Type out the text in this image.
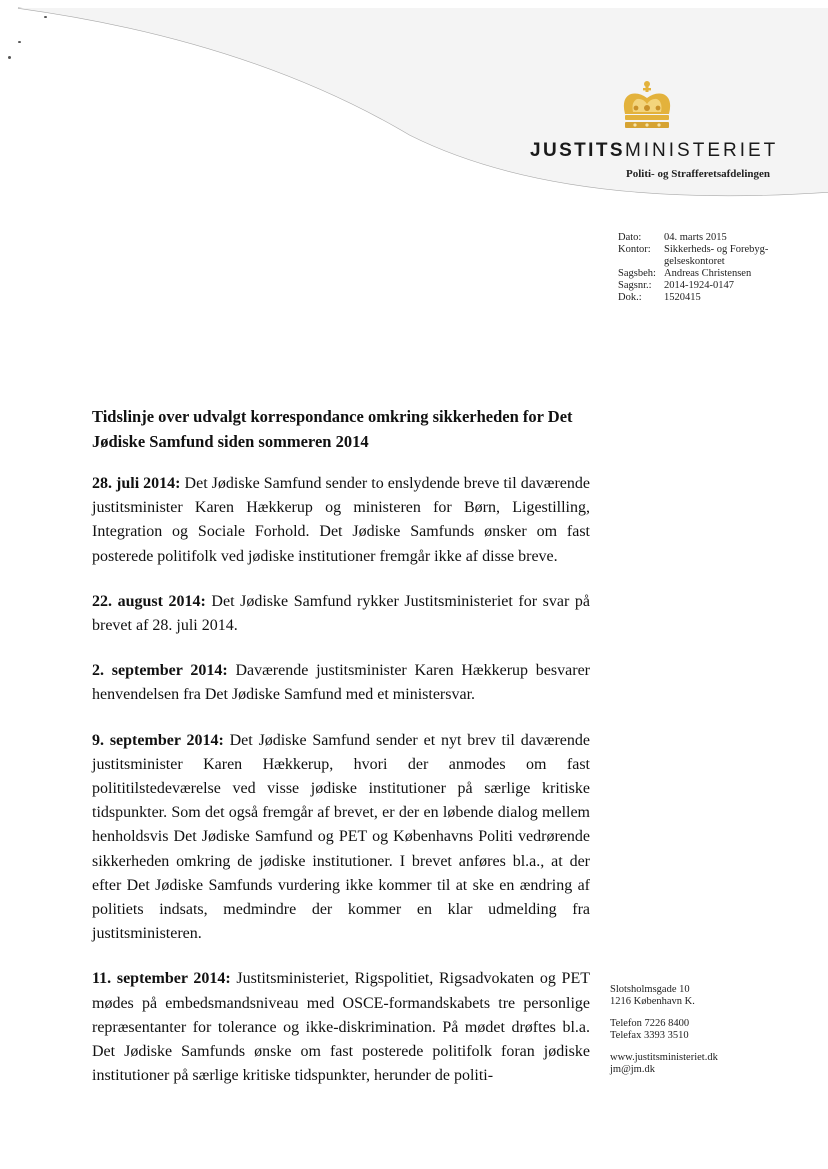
JUSTITSMINISTERIET
Politi- og Strafferetsafdelingen
Dato:	04. marts 2015
Kontor:	Sikkerheds- og Forebyg-
	gelseskontoret
Sagsbeh:	Andreas Christensen
Sagsnr.:	2014-1924-0147
Dok.:	1520415
Tidslinje over udvalgt korrespondance omkring sikkerheden for Det Jødiske Samfund siden sommeren 2014

28. juli 2014: Det Jødiske Samfund sender to enslydende breve til daværende justitsminister Karen Hækkerup og ministeren for Børn, Ligestilling, Integration og Sociale Forhold. Det Jødiske Samfunds ønsker om fast posterede politifolk ved jødiske institutioner fremgår ikke af disse breve.

22. august 2014: Det Jødiske Samfund rykker Justitsministeriet for svar på brevet af 28. juli 2014.

2. september 2014: Daværende justitsminister Karen Hækkerup besvarer henvendelsen fra Det Jødiske Samfund med et ministersvar.

9. september 2014: Det Jødiske Samfund sender et nyt brev til daværende justitsminister Karen Hækkerup, hvori der anmodes om fast polititilstedeværelse ved visse jødiske institutioner på særlige kritiske tidspunkter. Som det også fremgår af brevet, er der en løbende dialog mellem henholdsvis Det Jødiske Samfund og PET og Københavns Politi vedrørende sikkerheden omkring de jødiske institutioner. I brevet anføres bl.a., at der efter Det Jødiske Samfunds vurdering ikke kommer til at ske en ændring af politiets indsats, medmindre der kommer en klar udmelding fra justitsministeren.

11. september 2014: Justitsministeriet, Rigspolitiet, Rigsadvokaten og PET mødes på embedsmandsniveau med OSCE-formandskabets tre personlige repræsentanter for tolerance og ikke-diskrimination. På mødet drøftes bl.a. Det Jødiske Samfunds ønske om fast posterede politifolk foran jødiske institutioner på særlige kritiske tidspunkter, herunder de politi-

Slotsholmsgade 10

1216 København K.

Telefon 7226 8400

Telefax 3393 3510

www.justitsministeriet.dk

jm@jm.dk
